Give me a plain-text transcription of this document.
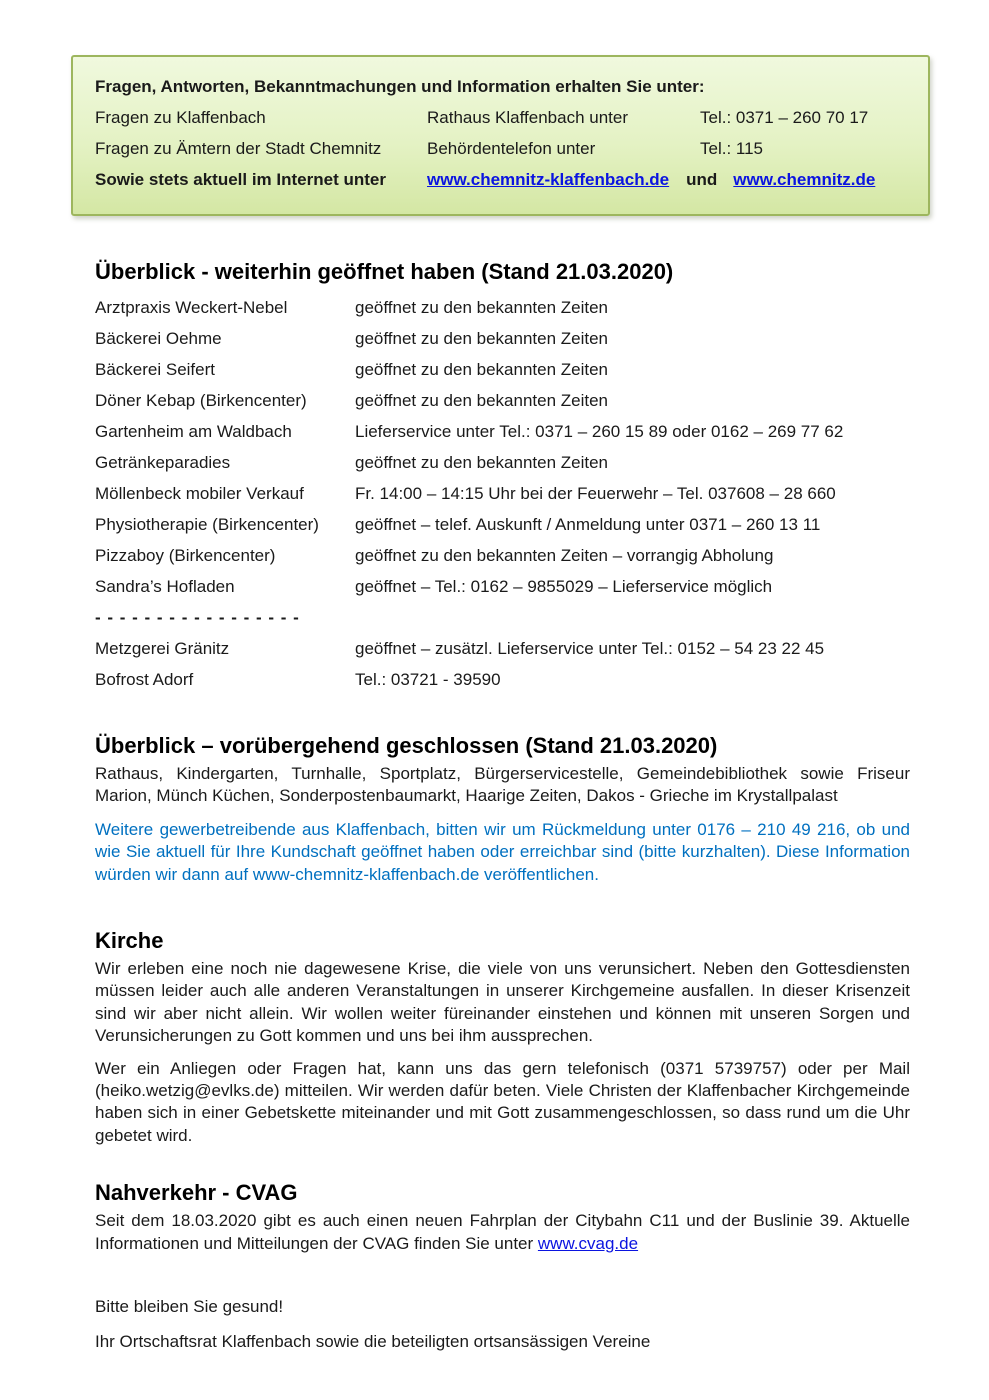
Fragen, Antworten, Bekanntmachungen und Information erhalten Sie unter:
Fragen zu Klaffenbach	Rathaus Klaffenbach unter	Tel.: 0371 – 260 70 17
Fragen zu Ämtern der Stadt Chemnitz	Behördentelefon unter	Tel.: 115
Sowie stets aktuell im Internet unter	www.chemnitz-klaffenbach.de und www.chemnitz.de
Überblick - weiterhin geöffnet haben (Stand 21.03.2020)
Arztpraxis Weckert-Nebel	geöffnet zu den bekannten Zeiten
Bäckerei Oehme	geöffnet zu den bekannten Zeiten
Bäckerei Seifert	geöffnet zu den bekannten Zeiten
Döner Kebap (Birkencenter)	geöffnet zu den bekannten Zeiten
Gartenheim am Waldbach	Lieferservice unter Tel.: 0371 – 260 15 89 oder 0162 – 269 77 62
Getränkeparadies	geöffnet zu den bekannten Zeiten
Möllenbeck mobiler Verkauf	Fr. 14:00 – 14:15 Uhr bei der Feuerwehr – Tel. 037608 – 28 660
Physiotherapie (Birkencenter)	geöffnet – telef. Auskunft / Anmeldung unter 0371 – 260 13 11
Pizzaboy (Birkencenter)	geöffnet zu den bekannten Zeiten – vorrangig Abholung
Sandra’s Hofladen	geöffnet – Tel.: 0162 – 9855029 – Lieferservice möglich
- - - - - - - - - - - - - - - - -
Metzgerei Gränitz	geöffnet – zusätzl. Lieferservice unter Tel.: 0152 – 54 23 22 45
Bofrost Adorf	Tel.: 03721 - 39590
Überblick – vorübergehend geschlossen (Stand 21.03.2020)

Rathaus, Kindergarten, Turnhalle, Sportplatz, Bürgerservicestelle, Gemeindebibliothek sowie Friseur Marion, Münch Küchen, Sonderpostenbaumarkt, Haarige Zeiten, Dakos - Grieche im Krystallpalast

Weitere gewerbetreibende aus Klaffenbach, bitten wir um Rückmeldung unter 0176 – 210 49 216, ob und wie Sie aktuell für Ihre Kundschaft geöffnet haben oder erreichbar sind (bitte kurzhalten). Diese Information würden wir dann auf www-chemnitz-klaffenbach.de veröffentlichen.

Kirche

Wir erleben eine noch nie dagewesene Krise, die viele von uns verunsichert. Neben den Gottesdiensten müssen leider auch alle anderen Veranstaltungen in unserer Kirchgemeine ausfallen. In dieser Krisenzeit sind wir aber nicht allein. Wir wollen weiter füreinander einstehen und können mit unseren Sorgen und Verunsicherungen zu Gott kommen und uns bei ihm aussprechen.

Wer ein Anliegen oder Fragen hat, kann uns das gern telefonisch (0371 5739757) oder per Mail (heiko.wetzig@evlks.de) mitteilen. Wir werden dafür beten. Viele Christen der Klaffenbacher Kirchgemeinde haben sich in einer Gebetskette miteinander und mit Gott zusammengeschlossen, so dass rund um die Uhr gebetet wird.

Nahverkehr - CVAG

Seit dem 18.03.2020 gibt es auch einen neuen Fahrplan der Citybahn C11 und der Buslinie 39. Aktuelle Informationen und Mitteilungen der CVAG finden Sie unter www.cvag.de

Bitte bleiben Sie gesund!

Ihr Ortschaftsrat Klaffenbach sowie die beteiligten ortsansässigen Vereine
